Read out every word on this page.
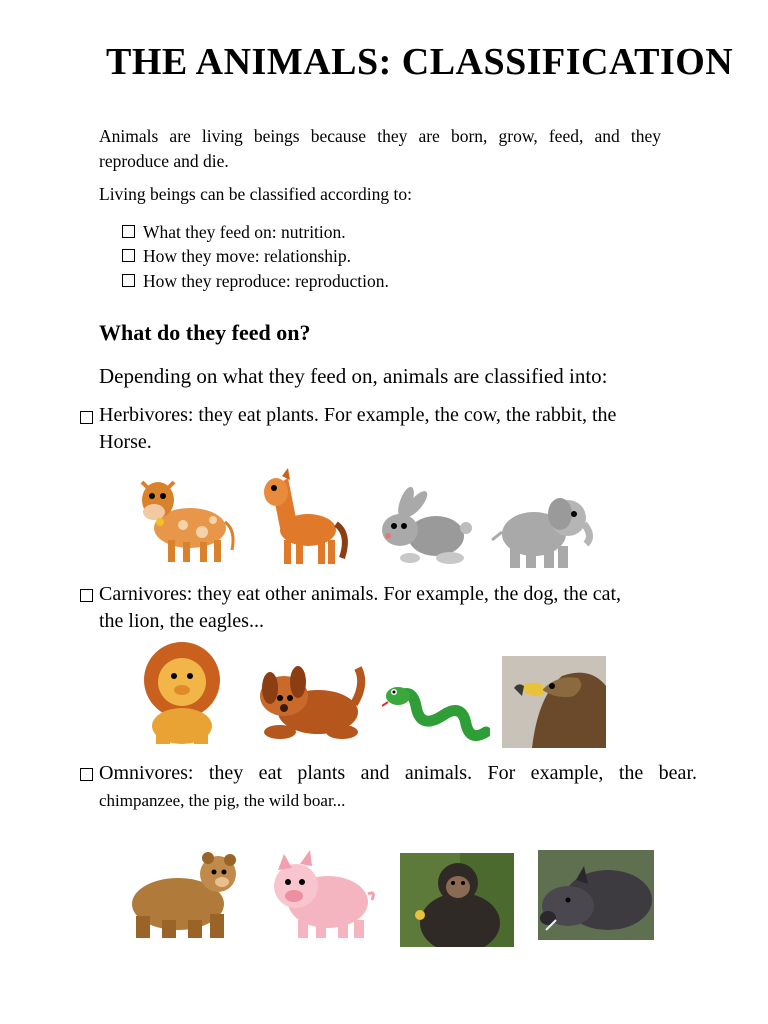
THE ANIMALS: CLASSIFICATION
Animals are living beings because they are born, grow, feed, and they reproduce and die.
Living beings can be classified according to:
What they feed on: nutrition.
How they move: relationship.
How they reproduce: reproduction.
What do they feed on?
Depending on what they feed on, animals are classified into:
Herbivores: they eat plants. For example, the cow, the rabbit, the
Horse.
Carnivores: they eat other animals. For example, the dog, the cat,
the lion, the eagles...
Omnivores: they eat plants and animals. For example, the bear.
chimpanzee, the pig, the wild boar...
